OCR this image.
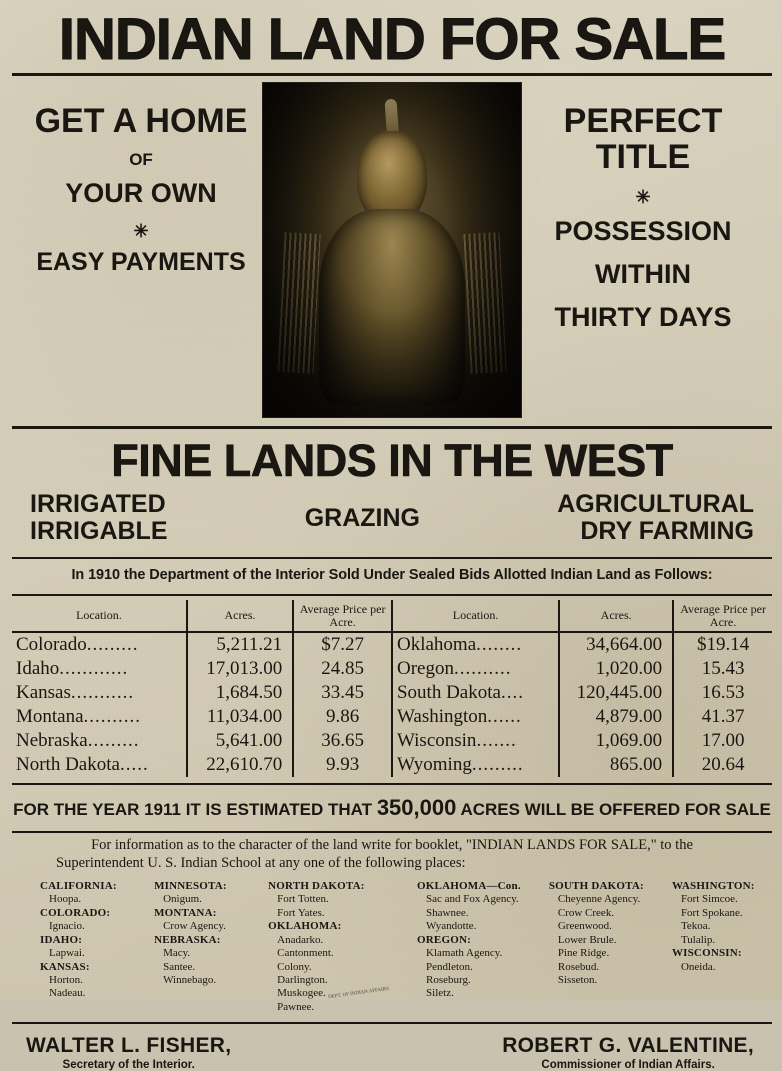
INDIAN LAND FOR SALE
GET A HOME
OF
YOUR OWN
✳
EASY PAYMENTS
PERFECT TITLE
✳
POSSESSION
WITHIN
THIRTY DAYS
FINE LANDS IN THE WEST
IRRIGATED
IRRIGABLE	GRAZING	AGRICULTURAL
DRY FARMING
In 1910 the Department of the Interior Sold Under Sealed Bids Allotted Indian Land as Follows:
Location.	Acres.	Average Price per Acre.	Location.	Acres.	Average Price per Acre.
Colorado.........	5,211.21	$7.27	Oklahoma........	34,664.00	$19.14
Idaho............	17,013.00	24.85	Oregon..........	1,020.00	15.43
Kansas...........	1,684.50	33.45	South Dakota....	120,445.00	16.53
Montana..........	11,034.00	9.86	Washington......	4,879.00	41.37
Nebraska.........	5,641.00	36.65	Wisconsin.......	1,069.00	17.00
North Dakota.....	22,610.70	9.93	Wyoming.........	865.00	20.64
FOR THE YEAR 1911 IT IS ESTIMATED THAT 350,000 ACRES WILL BE OFFERED FOR SALE
For information as to the character of the land write for booklet, "INDIAN LANDS FOR SALE," to the
Superintendent U. S. Indian School at any one of the following places:
CALIFORNIA:
Hoopa.
COLORADO:
Ignacio.
IDAHO:
Lapwai.
KANSAS:
Horton.
Nadeau.
MINNESOTA:
Onigum.
MONTANA:
Crow Agency.
NEBRASKA:
Macy.
Santee.
Winnebago.
NORTH DAKOTA:
Fort Totten.
Fort Yates.
OKLAHOMA:
Anadarko.
Cantonment.
Colony.
Darlington.
Muskogee. DEPT. OF INDIAN AFFAIRS
Pawnee.
OKLAHOMA—Con.
Sac and Fox Agency.
Shawnee.
Wyandotte.
OREGON:
Klamath Agency.
Pendleton.
Roseburg.
Siletz.
SOUTH DAKOTA:
Cheyenne Agency.
Crow Creek.
Greenwood.
Lower Brule.
Pine Ridge.
Rosebud.
Sisseton.
WASHINGTON:
Fort Simcoe.
Fort Spokane.
Tekoa.
Tulalip.
WISCONSIN:
Oneida.
WALTER L. FISHER,
Secretary of the Interior.
ROBERT G. VALENTINE,
Commissioner of Indian Affairs.
